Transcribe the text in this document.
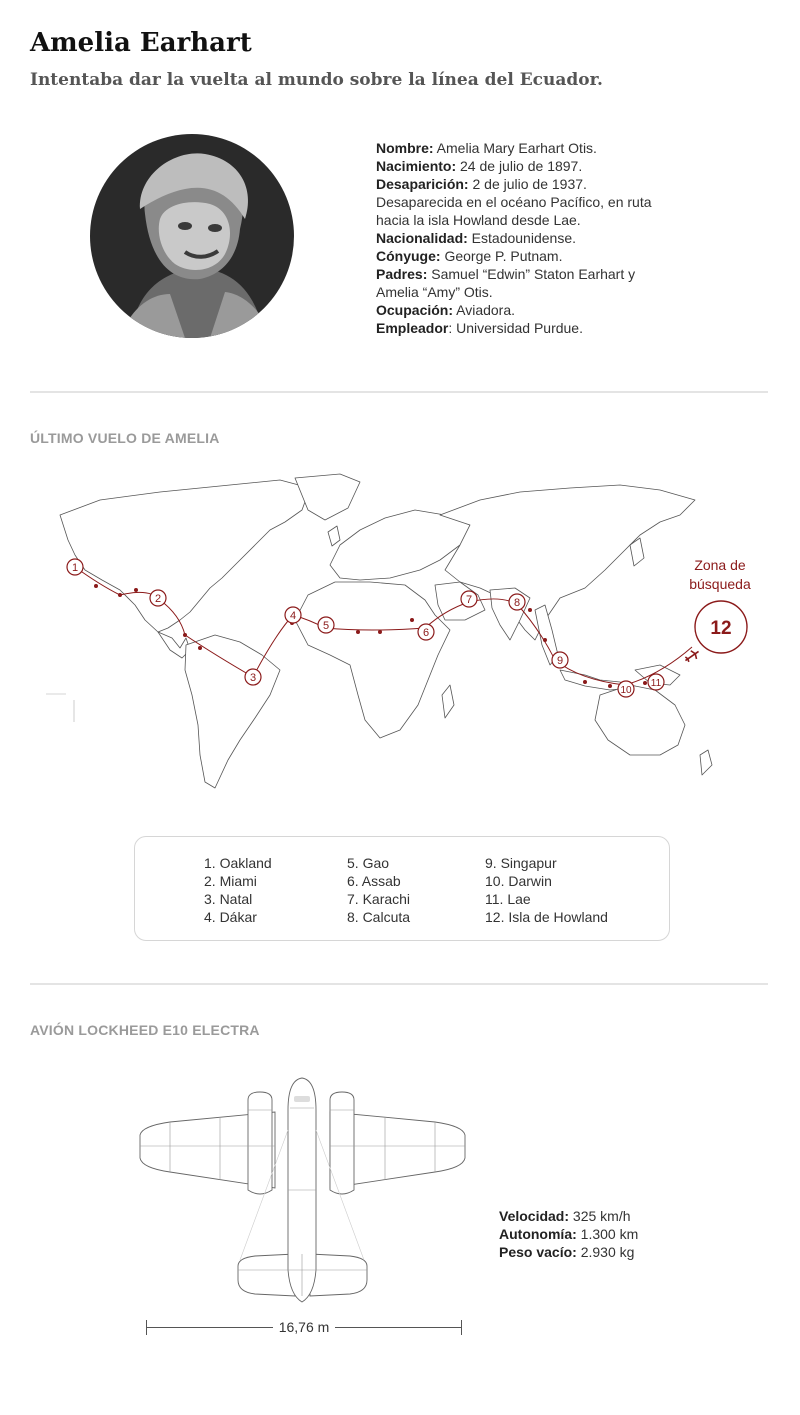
Amelia Earhart
Intentaba dar la vuelta al mundo sobre la línea del Ecuador.
Nombre: Amelia Mary Earhart Otis.
Nacimiento: 24 de julio de 1897.
Desaparición: 2 de julio de 1937.
Desaparecida en el océano Pacífico, en ruta
hacia la isla Howland desde Lae.
Nacionalidad: Estadounidense.
Cónyuge: George P. Putnam.
Padres: Samuel “Edwin” Staton Earhart y
Amelia “Amy” Otis.
Ocupación: Aviadora.
Empleador: Universidad Purdue.
ÚLTIMO VUELO DE AMELIA
1
2
3
4
5
6
7	8
9
10
11
Zona de
búsqueda
12
1. Oakland
2. Miami
3. Natal
4. Dákar
5. Gao
6. Assab
7. Karachi
8. Calcuta
9. Singapur
10. Darwin
11. Lae
12. Isla de Howland
AVIÓN LOCKHEED E10 ELECTRA
Velocidad: 325 km/h
Autonomía: 1.300 km
Peso vacío: 2.930 kg
16,76 m
